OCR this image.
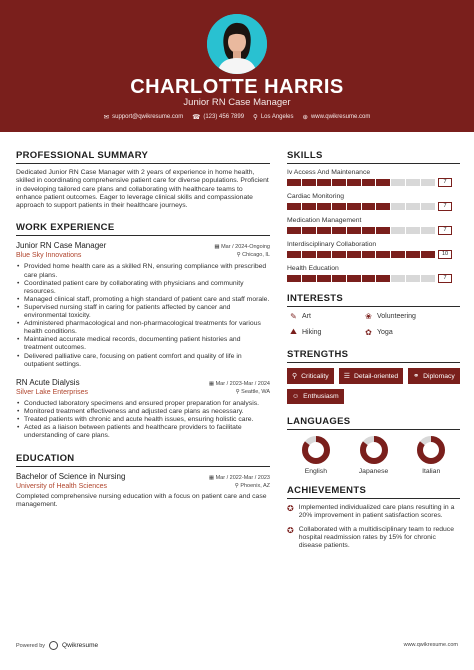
CHARLOTTE HARRIS
Junior RN Case Manager
✉ support@qwikresume.com ☎ (123) 456 7899 ⚲ Los Angeles ⊕ www.qwikresume.com
PROFESSIONAL SUMMARY

Dedicated Junior RN Case Manager with 2 years of experience in home health, skilled in coordinating comprehensive patient care for diverse populations. Proficient in developing tailored care plans and collaborating with healthcare teams to enhance patient outcomes. Eager to leverage clinical skills and compassionate approach to support patients in their healthcare journeys.

WORK EXPERIENCE
Junior RN Case Manager	▦ Mar / 2024-Ongoing
Blue Sky Innovations	⚲ Chicago, IL
• Provided home health care as a skilled RN, ensuring compliance with prescribed care plans.
• Coordinated patient care by collaborating with physicians and community resources.
• Managed clinical staff, promoting a high standard of patient care and staff morale.
• Supervised nursing staff in caring for patients affected by cancer and environmental toxicity.
• Administered pharmacological and non-pharmacological treatments for various health conditions.
• Maintained accurate medical records, documenting patient histories and treatment outcomes.
• Delivered palliative care, focusing on patient comfort and quality of life in outpatient settings.
RN Acute Dialysis	▦ Mar / 2023-Mar / 2024
Silver Lake Enterprises	⚲ Seattle, WA
• Conducted laboratory specimens and ensured proper preparation for analysis.
• Monitored treatment effectiveness and adjusted care plans as necessary.
• Treated patients with chronic and acute health issues, ensuring holistic care.
• Acted as a liaison between patients and healthcare providers to facilitate understanding of care plans.
EDUCATION
Bachelor of Science in Nursing	▦ Mar / 2022-Mar / 2023
University of Health Sciences	⚲ Phoenix, AZ

Completed comprehensive nursing education with a focus on patient care and case management.

SKILLS
Iv Access And Maintenance
7
Cardiac Monitoring
7
Medication Management
7
Interdisciplinary Collaboration
10
Health Education
7
INTERESTS
✎ Art	❀ Volunteering
⛰ Hiking	✿ Yoga
STRENGTHS
⚲ Criticality ☰ Detail-oriented ⚭ Diplomacy
☺ Enthusiasm
LANGUAGES
English	Japanese	Italian
ACHIEVEMENTS
✪ Implemented individualized care plans resulting in a 20% improvement in patient satisfaction scores.
✪ Collaborated with a multidisciplinary team to reduce hospital readmission rates by 15% for chronic disease patients.
Powered by	Qwikresume	www.qwikresume.com
